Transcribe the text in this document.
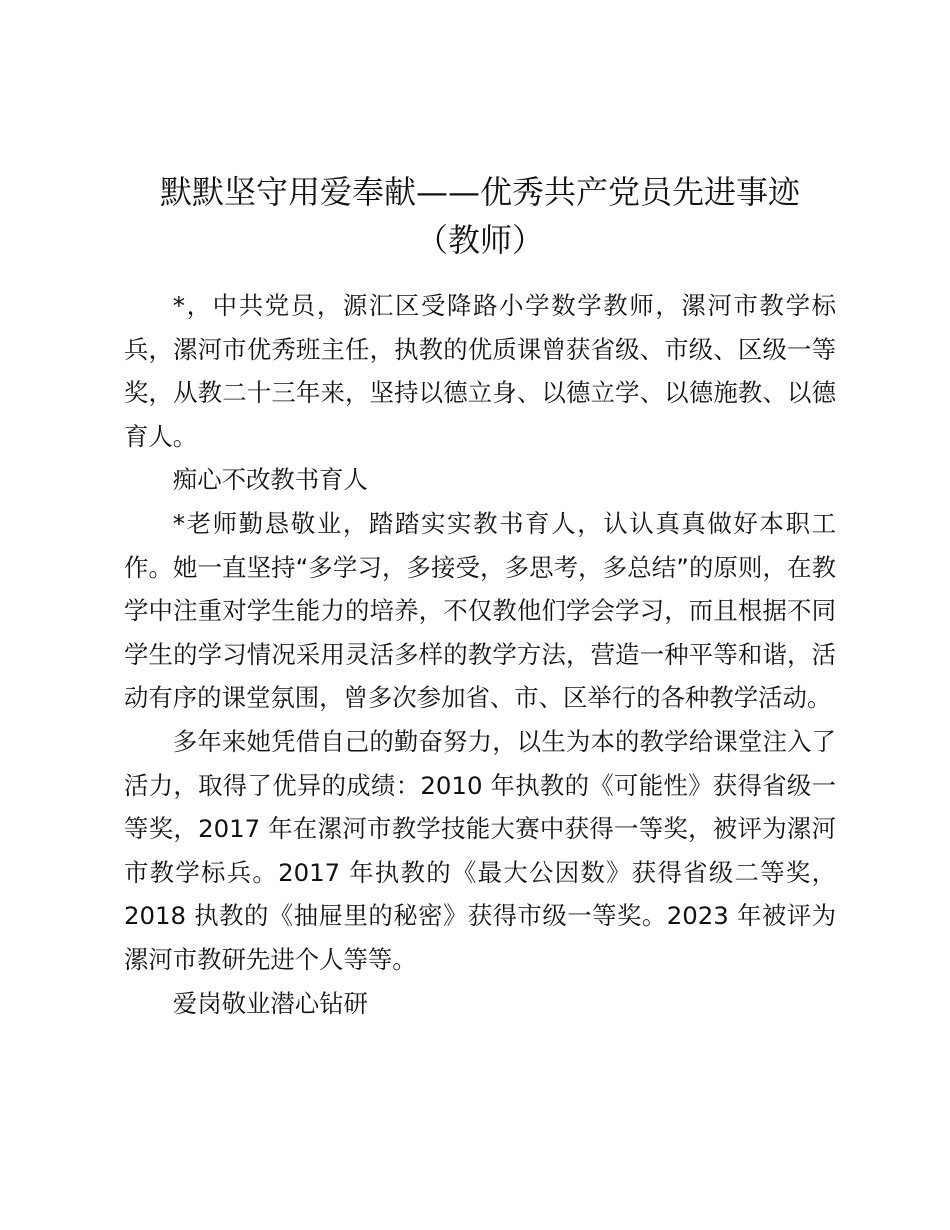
默默坚守用爱奉献——优秀共产党员先进事迹
（教师）

*，中共党员，源汇区受降路小学数学教师，漯河市教学标兵，漯河市优秀班主任，执教的优质课曾获省级、市级、区级一等奖，从教二十三年来，坚持以德立身、以德立学、以德施教、以德育人。

痴心不改教书育人

*老师勤恳敬业，踏踏实实教书育人，认认真真做好本职工作。她一直坚持“多学习，多接受，多思考，多总结”的原则，在教学中注重对学生能力的培养，不仅教他们学会学习，而且根据不同学生的学习情况采用灵活多样的教学方法，营造一种平等和谐，活动有序的课堂氛围，曾多次参加省、市、区举行的各种教学活动。

多年来她凭借自己的勤奋努力，以生为本的教学给课堂注入了活力，取得了优异的成绩：2010 年执教的《可能性》获得省级一等奖，2017 年在漯河市教学技能大赛中获得一等奖，被评为漯河市教学标兵。2017 年执教的《最大公因数》获得省级二等奖，2018 执教的《抽屉里的秘密》获得市级一等奖。2023 年被评为漯河市教研先进个人等等。

爱岗敬业潜心钻研
